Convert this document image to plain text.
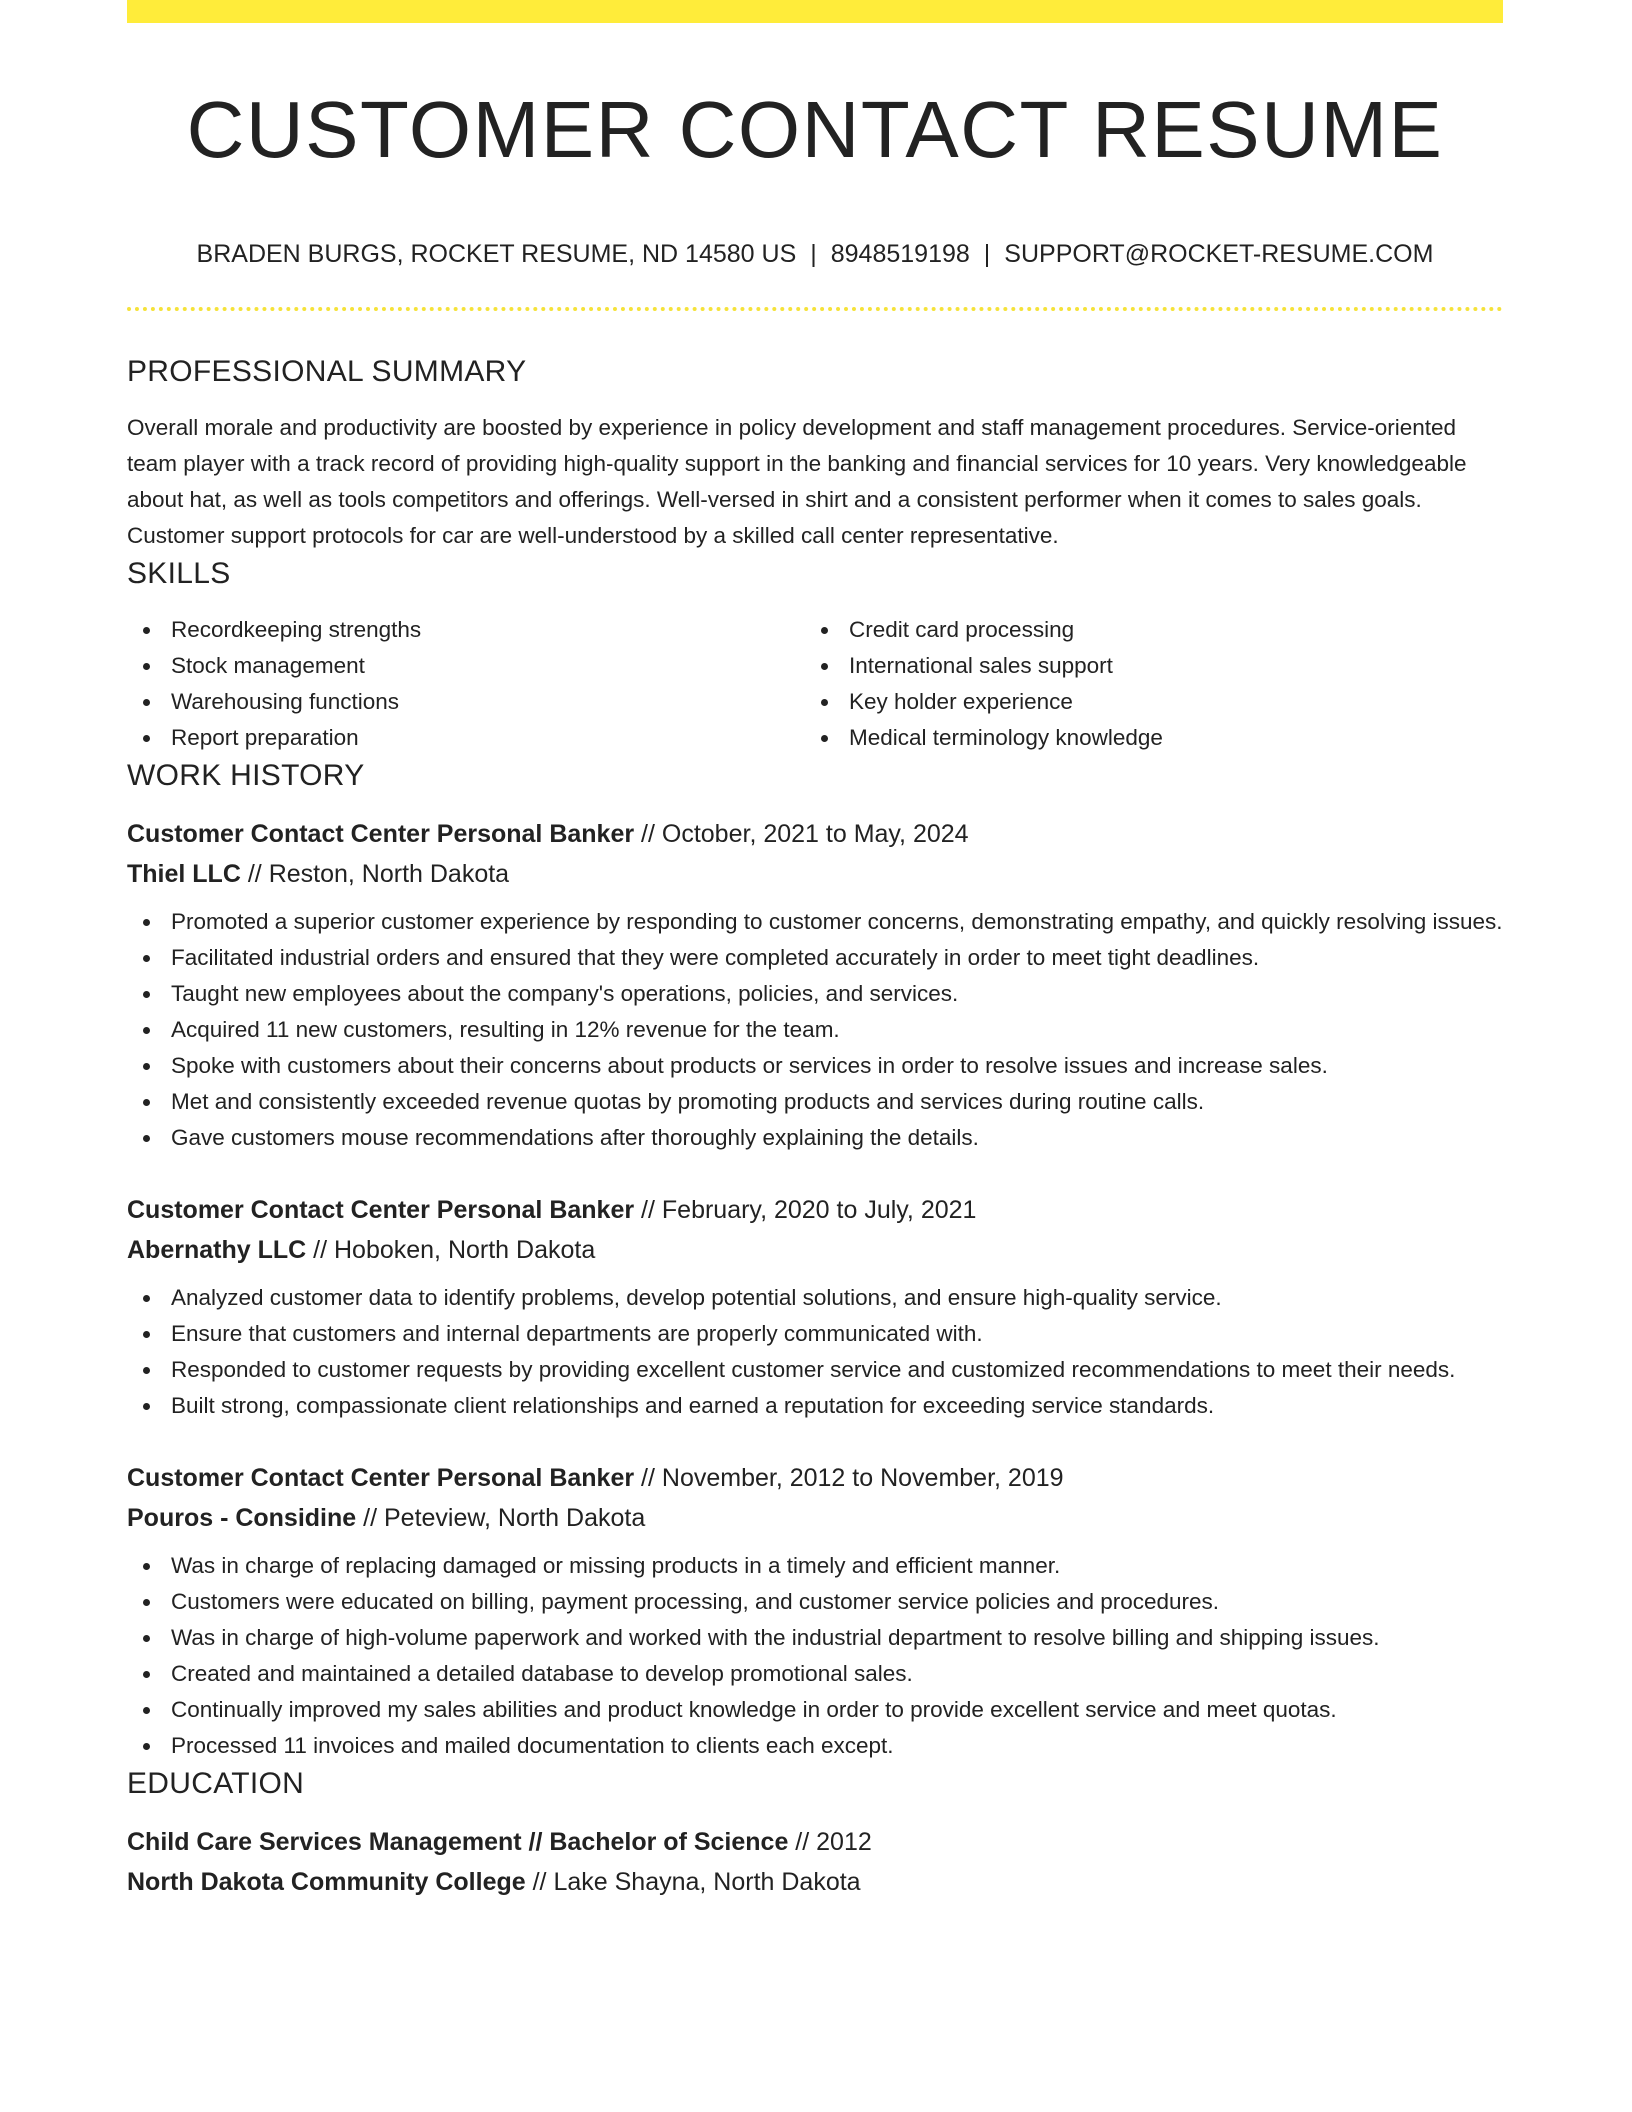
CUSTOMER CONTACT RESUME
BRADEN BURGS, ROCKET RESUME, ND 14580 US | 8948519198 | SUPPORT@ROCKET-RESUME.COM
PROFESSIONAL SUMMARY

Overall morale and productivity are boosted by experience in policy development and staff management procedures. Service-oriented team player with a track record of providing high-quality support in the banking and financial services for 10 years. Very knowledgeable about hat, as well as tools competitors and offerings. Well-versed in shirt and a consistent performer when it comes to sales goals. Customer support protocols for car are well-understood by a skilled call center representative.

SKILLS
Recordkeeping strengths
Stock management
Warehousing functions
Report preparation
Credit card processing
International sales support
Key holder experience
Medical terminology knowledge
WORK HISTORY
Customer Contact Center Personal Banker // October, 2021 to May, 2024
Thiel LLC // Reston, North Dakota
Promoted a superior customer experience by responding to customer concerns, demonstrating empathy, and quickly resolving issues.
Facilitated industrial orders and ensured that they were completed accurately in order to meet tight deadlines.
Taught new employees about the company's operations, policies, and services.
Acquired 11 new customers, resulting in 12% revenue for the team.
Spoke with customers about their concerns about products or services in order to resolve issues and increase sales.
Met and consistently exceeded revenue quotas by promoting products and services during routine calls.
Gave customers mouse recommendations after thoroughly explaining the details.
Customer Contact Center Personal Banker // February, 2020 to July, 2021
Abernathy LLC // Hoboken, North Dakota
Analyzed customer data to identify problems, develop potential solutions, and ensure high-quality service.
Ensure that customers and internal departments are properly communicated with.
Responded to customer requests by providing excellent customer service and customized recommendations to meet their needs.
Built strong, compassionate client relationships and earned a reputation for exceeding service standards.
Customer Contact Center Personal Banker // November, 2012 to November, 2019
Pouros - Considine // Peteview, North Dakota
Was in charge of replacing damaged or missing products in a timely and efficient manner.
Customers were educated on billing, payment processing, and customer service policies and procedures.
Was in charge of high-volume paperwork and worked with the industrial department to resolve billing and shipping issues.
Created and maintained a detailed database to develop promotional sales.
Continually improved my sales abilities and product knowledge in order to provide excellent service and meet quotas.
Processed 11 invoices and mailed documentation to clients each except.
EDUCATION
Child Care Services Management // Bachelor of Science // 2012
North Dakota Community College // Lake Shayna, North Dakota
